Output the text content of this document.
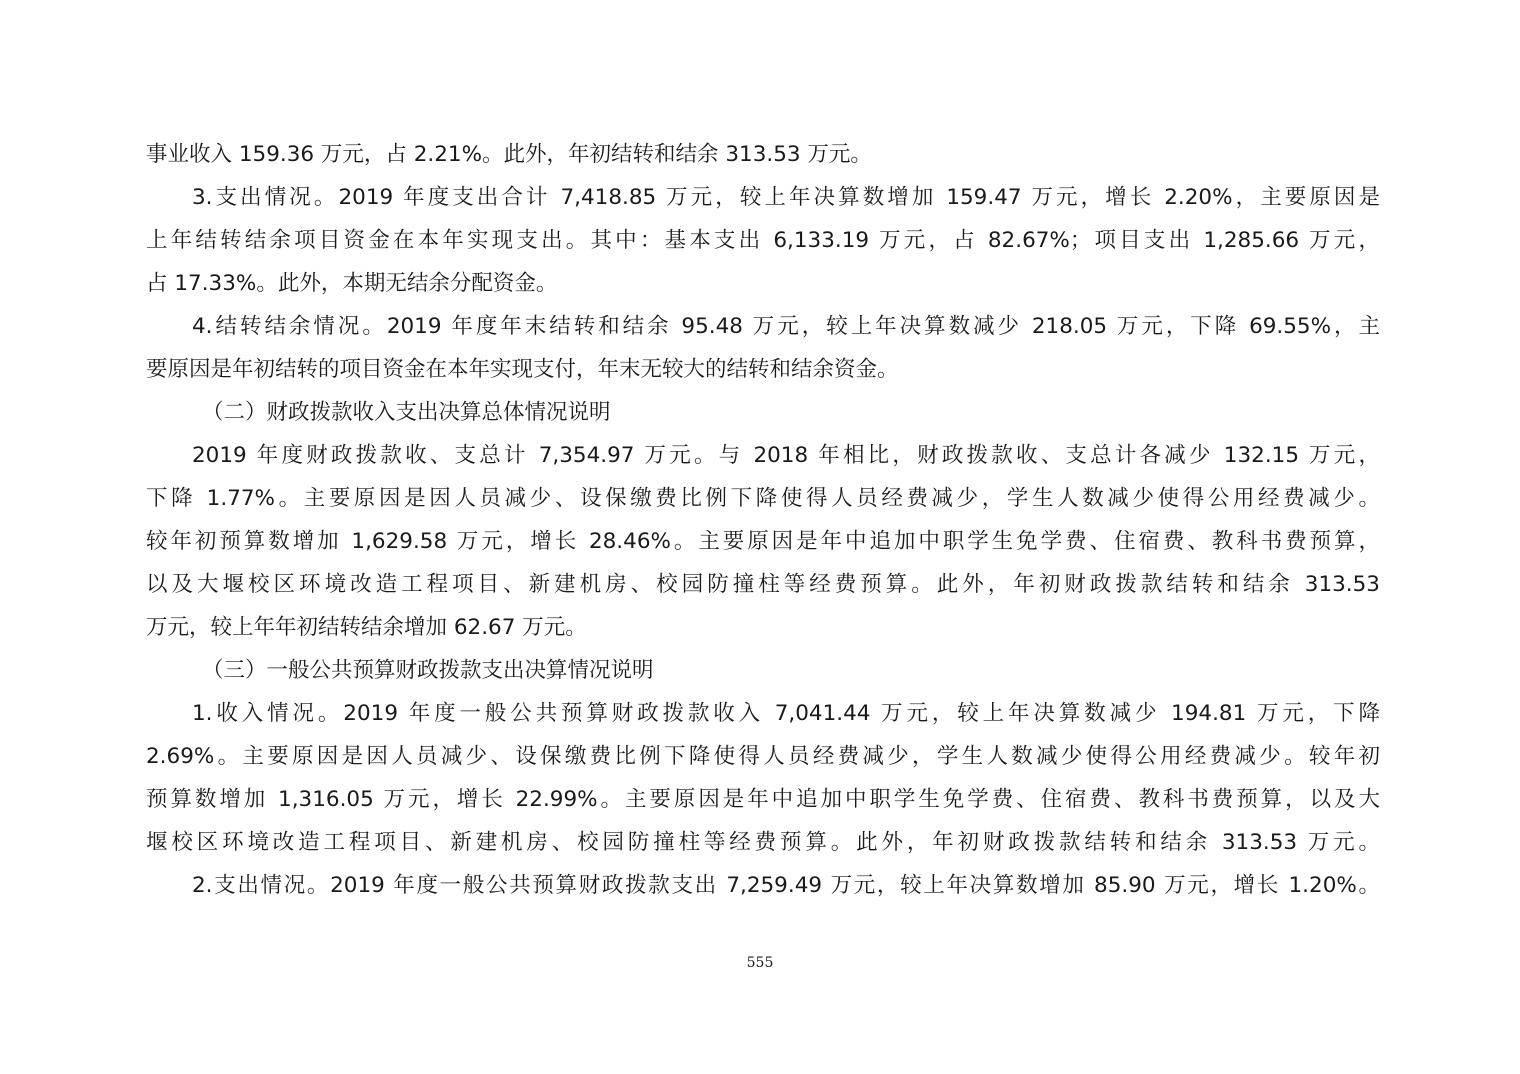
事业收入 159.36 万元，占 2.21%。此外，年初结转和结余 313.53 万元。
3.支出情况。2019 年度支出合计 7,418.85 万元，较上年决算数增加 159.47 万元，增长 2.20%，主要原因是
上年结转结余项目资金在本年实现支出。其中：基本支出 6,133.19 万元，占 82.67%；项目支出 1,285.66 万元，
占 17.33%。此外，本期无结余分配资金。
4.结转结余情况。2019 年度年末结转和结余 95.48 万元，较上年决算数减少 218.05 万元，下降 69.55%，主
要原因是年初结转的项目资金在本年实现支付，年末无较大的结转和结余资金。
（二）财政拨款收入支出决算总体情况说明
2019 年度财政拨款收、支总计 7,354.97 万元。与 2018 年相比，财政拨款收、支总计各减少 132.15 万元，
下降 1.77%。主要原因是因人员减少、设保缴费比例下降使得人员经费减少，学生人数减少使得公用经费减少。
较年初预算数增加 1,629.58 万元，增长 28.46%。主要原因是年中追加中职学生免学费、住宿费、教科书费预算，
以及大堰校区环境改造工程项目、新建机房、校园防撞柱等经费预算。此外，年初财政拨款结转和结余 313.53
万元，较上年年初结转结余增加 62.67 万元。
（三）一般公共预算财政拨款支出决算情况说明
1.收入情况。2019 年度一般公共预算财政拨款收入 7,041.44 万元，较上年决算数减少 194.81 万元，下降
2.69%。主要原因是因人员减少、设保缴费比例下降使得人员经费减少，学生人数减少使得公用经费减少。较年初
预算数增加 1,316.05 万元，增长 22.99%。主要原因是年中追加中职学生免学费、住宿费、教科书费预算，以及大
堰校区环境改造工程项目、新建机房、校园防撞柱等经费预算。此外，年初财政拨款结转和结余 313.53 万元。
2.支出情况。2019 年度一般公共预算财政拨款支出 7,259.49 万元，较上年决算数增加 85.90 万元，增长 1.20%。
555
